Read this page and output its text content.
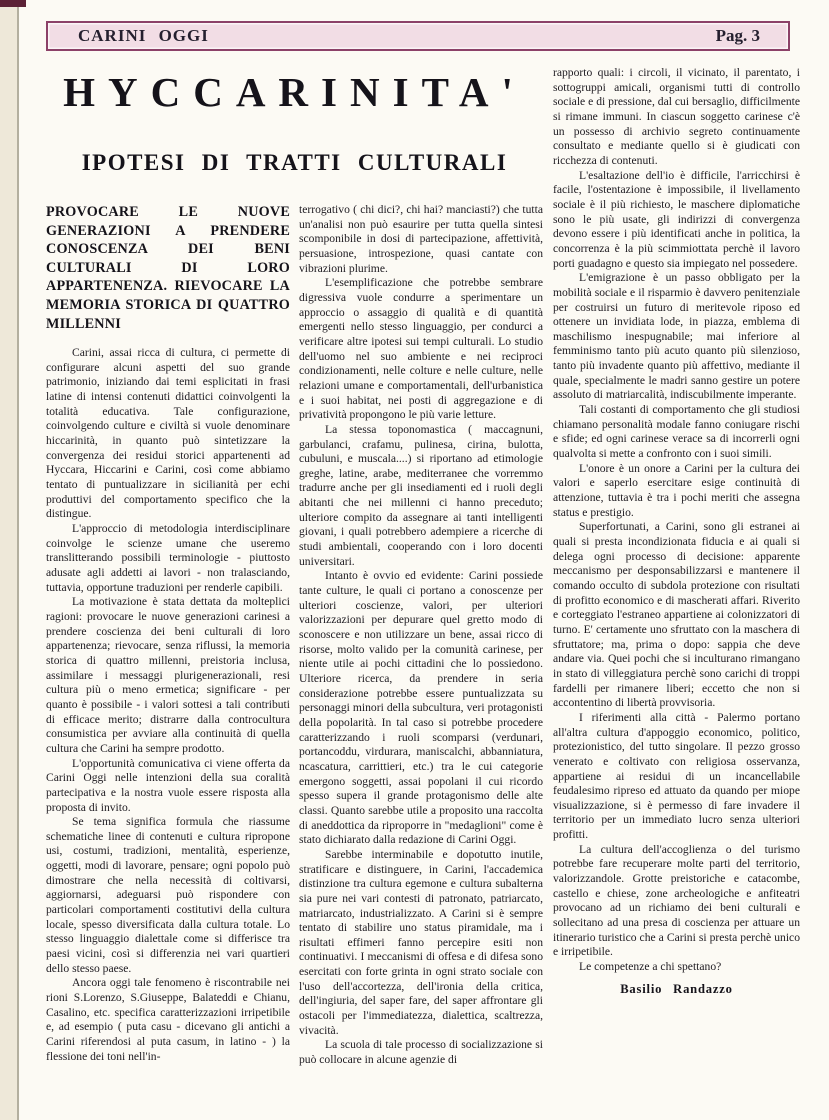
CARINI OGGI	Pag. 3
HYCCARINITA'
IPOTESI DI TRATTI CULTURALI

PROVOCARE LE NUOVE GENERAZIONI A PRENDERE CONOSCENZA DEI BENI CULTURALI DI LORO APPARTENENZA. RIEVOCARE LA MEMORIA STORICA DI QUATTRO MILLENNI

Carini, assai ricca di cultura, ci permette di configurare alcuni aspetti del suo grande patrimonio, iniziando dai temi esplicitati in frasi latine di intensi contenuti didattici coinvolgenti la totalità educativa. Tale configurazione, coinvolgendo culture e civiltà si vuole denominare hiccarinità, in quanto può sintetizzare la convergenza dei residui storici appartenenti ad Hyccara, Hiccarini e Carini, così come abbiamo tentato di puntualizzare in sicilianità per echi produttivi del comportamento specifico che la distingue.

L'approccio di metodologia interdisciplinare coinvolge le scienze umane che useremo translitterando possibili terminologie - piuttosto adusate agli addetti ai lavori - non tralasciando, tuttavia, opportune traduzioni per renderle capibili.

La motivazione è stata dettata da molteplici ragioni: provocare le nuove generazioni carinesi a prendere coscienza dei beni culturali di loro appartenenza; rievocare, senza riflussi, la memoria storica di quattro millenni, preistoria inclusa, assimilare i messaggi plurigenerazionali, resi cultura più o meno ermetica; significare - per quanto è possibile - i valori sottesi a tali contributi di efficace merito; distrarre dalla controcultura consumistica per avviare alla continuità di quella cultura che Carini ha sempre prodotto.

L'opportunità comunicativa ci viene offerta da Carini Oggi nelle intenzioni della sua coralità partecipativa e la nostra vuole essere risposta alla proposta di invito.

Se tema significa formula che riassume schematiche linee di contenuti e cultura ripropone usi, costumi, tradizioni, mentalità, esperienze, oggetti, modi di lavorare, pensare; ogni popolo può dimostrare che nella necessità di coltivarsi, aggiornarsi, adeguarsi può rispondere con particolari comportamenti costitutivi della cultura locale, spesso diversificata dalla cultura totale. Lo stesso linguaggio dialettale come si differisce tra paesi vicini, così si differenzia nei vari quartieri dello stesso paese.

Ancora oggi tale fenomeno è riscontrabile nei rioni S.Lorenzo, S.Giuseppe, Balateddi e Chianu, Casalino, etc. specifica caratterizzazioni irripetibile e, ad esempio ( puta casu - dicevano gli antichi a Carini riferendosi al puta casum, in latino - ) la flessione dei toni nell'in-

terrogativo ( chi dici?, chi hai? manciasti?) che tutta un'analisi non può esaurire per tutta quella sintesi scomponibile in dosi di partecipazione, affettività, persuasione, introspezione, quasi cantate con vibrazioni plurime.

L'esemplificazione che potrebbe sembrare digressiva vuole condurre a sperimentare un approccio o assaggio di qualità e di quantità emergenti nello stesso linguaggio, per condurci a verificare altre ipotesi sui tempi culturali. Lo studio dell'uomo nel suo ambiente e nei reciproci condizionamenti, nelle colture e nelle culture, nelle relazioni umane e comportamentali, dell'urbanistica e i suoi habitat, nei posti di aggregazione e di privatività propongono le più varie letture.

La stessa toponomastica ( maccagnuni, garbulanci, crafamu, pulinesa, cirina, bulotta, cubuluni, e muscala....) si riportano ad etimologie greghe, latine, arabe, mediterranee che vorremmo tradurre anche per gli insediamenti ed i ruoli degli abitanti che nei millenni ci hanno preceduto; ulteriore compito da assegnare ai tanti intelligenti giovani, i quali potrebbero adempiere a ricerche di studi ambientali, cooperando con i loro docenti universitari.

Intanto è ovvio ed evidente: Carini possiede tante culture, le quali ci portano a conoscenze per ulteriori coscienze, valori, per ulteriori valorizzazioni per depurare quel gretto modo di sconoscere e non utilizzare un bene, assai ricco di risorse, molto valido per la comunità carinese, per niente utile ai pochi cittadini che lo possiedono. Ulteriore ricerca, da prendere in seria considerazione potrebbe essere puntualizzata su personaggi minori della subcultura, veri protagonisti della popolarità. In tal caso si potrebbe procedere caratterizzando i ruoli scomparsi (verdunari, portancoddu, virdurara, maniscalchi, abbanniatura, ncascatura, carrittieri, etc.) tra le cui categorie emergono soggetti, assai popolani il cui ricordo spesso supera il grande protagonismo delle alte classi. Quanto sarebbe utile a proposito una raccolta di aneddottica da riproporre in "medaglioni" come è stato dichiarato dalla redazione di Carini Oggi.

Sarebbe interminabile e dopotutto inutile, stratificare e distinguere, in Carini, l'accademica distinzione tra cultura egemone e cultura subalterna sia pure nei vari contesti di patronato, patriarcato, matriarcato, industrializzato. A Carini si è sempre tentato di stabilire uno status piramidale, ma i risultati effimeri fanno percepire esiti non continuativi. I meccanismi di offesa e di difesa sono esercitati con forte grinta in ogni strato sociale con l'uso dell'accortezza, dell'ironia della critica, dell'ingiuria, del saper fare, del saper affrontare gli ostacoli per l'immediatezza, dialettica, scaltrezza, vivacità.

La scuola di tale processo di socializzazione si può collocare in alcune agenzie di

rapporto quali: i circoli, il vicinato, il parentato, i sottogruppi amicali, organismi tutti di controllo sociale e di pressione, dal cui bersaglio, difficilmente si rimane immuni. In ciascun soggetto carinese c'è un possesso di archivio segreto continuamente consultato e mediante quello si è giudicati con ricchezza di contenuti.

L'esaltazione dell'io è difficile, l'arricchirsi è facile, l'ostentazione è impossibile, il livellamento sociale è il più richiesto, le maschere diplomatiche sono le più usate, gli indirizzi di convergenza devono essere i più identificati anche in politica, la concorrenza è la più scimmiottata perchè il lavoro porti guadagno e questo sia impiegato nel possedere.

L'emigrazione è un passo obbligato per la mobilità sociale e il risparmio è davvero penitenziale per costruirsi un futuro di meritevole riposo ed ottenere un invidiata lode, in piazza, emblema di maschilismo inespugnabile; mai inferiore al femminismo tanto più acuto quanto più silenzioso, tanto più invadente quanto più affettivo, mediante il quale, specialmente le madri sanno gestire un potere assoluto di matriarcalità, indiscubilmente imperante.

Tali costanti di comportamento che gli studiosi chiamano personalità modale fanno coniugare rischi e sfide; ed ogni carinese verace sa di incorrerli ogni qualvolta si mette a confronto con i suoi simili.

L'onore è un onore a Carini per la cultura dei valori e saperlo esercitare esige continuità di attenzione, tuttavia è tra i pochi meriti che assegna status e prestigio.

Superfortunati, a Carini, sono gli estranei ai quali si presta incondizionata fiducia e ai quali si delega ogni processo di decisione: apparente meccanismo per desponsabilizzarsi e mantenere il comando occulto di subdola protezione con risultati di profitto economico e di mascherati affari. Riverito e corteggiato l'estraneo appartiene ai colonizzatori di turno. E' certamente uno sfruttato con la maschera di sfruttatore; ma, prima o dopo: sappia che deve andare via. Quei pochi che si inculturano rimangano in stato di villeggiatura perchè sono carichi di troppi fardelli per rimanere liberi; eccetto che non si accontentino di libertà provvisoria.

I riferimenti alla città - Palermo portano all'altra cultura d'appoggio economico, politico, protezionistico, del tutto singolare. Il pezzo grosso venerato e coltivato con religiosa osservanza, appartiene ai residui di un incancellabile feudalesimo ripreso ed attuato da quando per miope visualizzazione, si è permesso di fare invadere il territorio per un immediato lucro senza ulteriori profitti.

La cultura dell'accoglienza o del turismo potrebbe fare recuperare molte parti del territorio, valorizzandole. Grotte preistoriche e catacombe, castello e chiese, zone archeologiche e anfiteatri provocano ad un richiamo dei beni culturali e sollecitano ad una presa di coscienza per attuare un itinerario turistico che a Carini si presta perchè unico e irripetibile.

Le competenze a chi spettano?

Basilio Randazzo
